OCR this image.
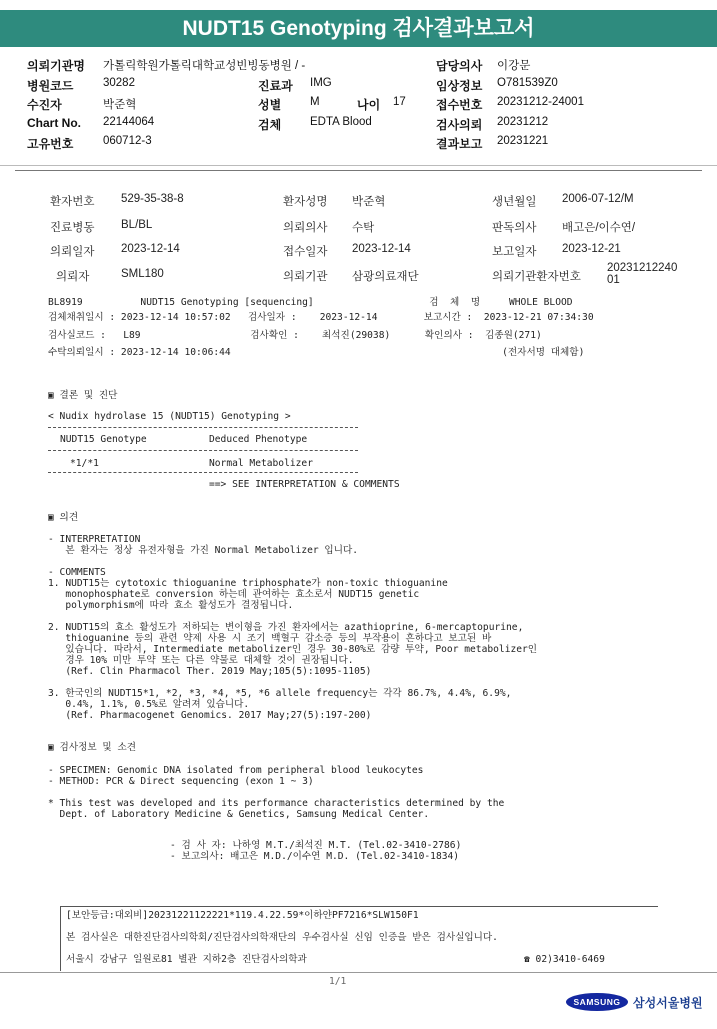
NUDT15 Genotyping 검사결과보고서
의뢰기관명 가톨릭학원가톨릭대학교성빈빙동병원 / -
병원코드	30282
수진자	박준혁
Chart No. 22144064
고유번호	060712-3
진료과 IMG
성별	M	나이 17
검체	EDTA Blood
담당의사 이강문
임상정보 O781539Z0
접수번호 20231212-24001
검사의뢰 20231212
결과보고 20231221
환자번호 529-35-38-8	환자성명 박준혁	생년월일 2006-07-12/M
진료병동 BL/BL	의뢰의사 수탁	판독의사 배고은/이수연/
의뢰일자 2023-12-14	접수일자 2023-12-14	보고일자 2023-12-21
의뢰자	SML180	의뢰기관 삼광의료재단	의뢰기관환자번호
2023121224001
BL8919          NUDT15 Genotyping [sequencing]                    검  체  명     WHOLE BLOOD
검체채취일시 : 2023-12-14 10:57:02   검사일자 :    2023-12-14        보고시간 :  2023-12-21 07:34:30
검사실코드 :   L89                   검사확인 :    최석진(29038)      확인의사 :  김종원(271)
수탁의뢰일시 : 2023-12-14 10:06:44                                               (전자서명 대체함)
▣ 결론 및 진단
< Nudix hydrolase 15 (NUDT15) Genotyping >
NUDT15 Genotype	Deduced Phenotype
*1/*1	Normal Metabolizer
==> SEE INTERPRETATION & COMMENTS
▣ 의견
- INTERPRETATION
본 환자는 정상 유전자형을 가진 Normal Metabolizer 입니다.

- COMMENTS
1. NUDT15는 cytotoxic thioguanine triphosphate가 non-toxic thioguanine
monophosphate로 conversion 하는데 관여하는 효소로서 NUDT15 genetic
polymorphism에 따라 효소 활성도가 결정됩니다.

2. NUDT15의 효소 활성도가 저하되는 변이형을 가진 환자에서는 azathioprine, 6-mercaptopurine,
thioguanine 등의 관련 약제 사용 시 조기 백혈구 감소증 등의 부작용이 흔하다고 보고된 바
있습니다. 따라서, Intermediate metabolizer인 경우 30-80%로 감량 투약, Poor metabolizer인
경우 10% 미만 투약 또는 다른 약물로 대체할 것이 권장됩니다.
(Ref. Clin Pharmacol Ther. 2019 May;105(5):1095-1105)

3. 한국인의 NUDT15*1, *2, *3, *4, *5, *6 allele frequency는 각각 86.7%, 4.4%, 6.9%,
0.4%, 1.1%, 0.5%로 알려져 있습니다.
(Ref. Pharmacogenet Genomics. 2017 May;27(5):197-200)
▣ 검사정보 및 소견
- SPECIMEN: Genomic DNA isolated from peripheral blood leukocytes
- METHOD: PCR & Direct sequencing (exon 1 ~ 3)

* This test was developed and its performance characteristics determined by the
Dept. of Laboratory Medicine & Genetics, Samsung Medical Center.
- 검 사 자: 나하영 M.T./최석진 M.T. (Tel.02-3410-2786)
- 보고의사: 배고은 M.D./이수연 M.D. (Tel.02-3410-1834)
[보안등급:대외비]20231221122221*119.4.22.59*이하얀PF7216*SLW150F1
본 검사실은 대한진단검사의학회/진단검사의학재단의 우수검사실 신임 인증을 받은 검사실입니다.
서울시 강남구 일원로81 별관 지하2층 진단검사의학과	☎ 02)3410-6469
1/1
SAMSUNG	삼성서울병원
